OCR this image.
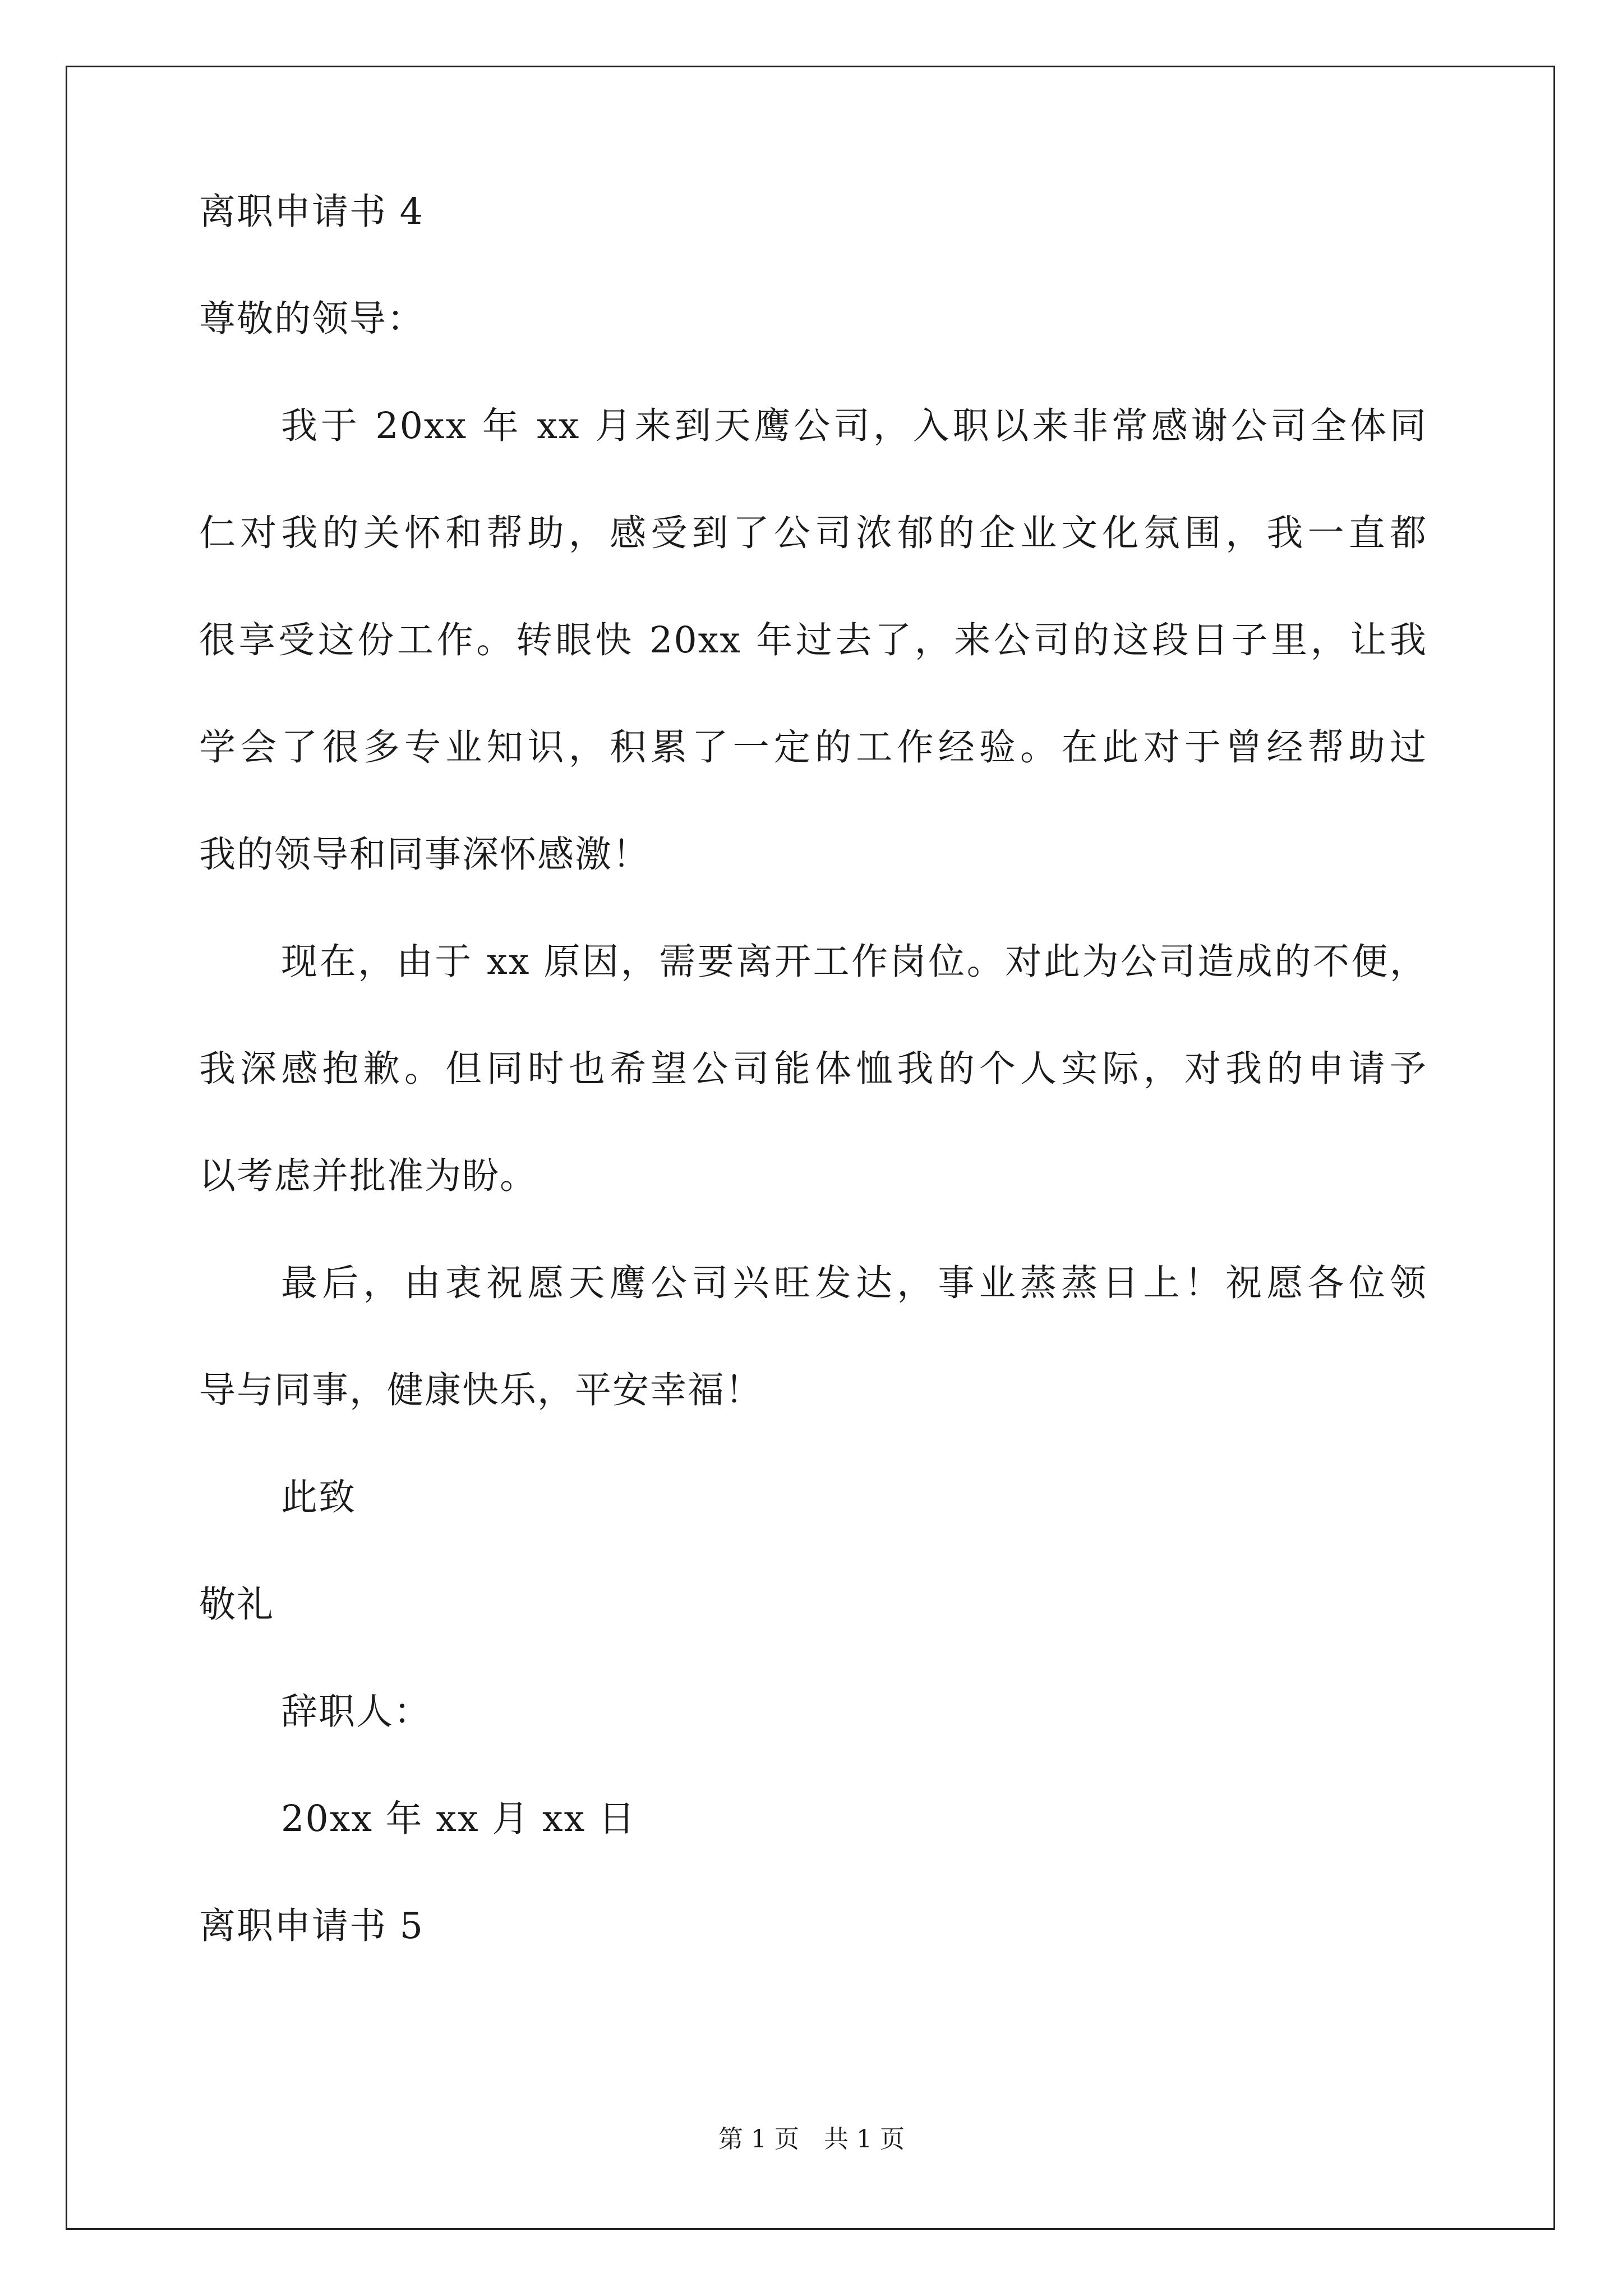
离职申请书 4
尊敬的领导：
我于 20xx 年 xx 月来到天鹰公司，入职以来非常感谢公司全体同
仁对我的关怀和帮助，感受到了公司浓郁的企业文化氛围，我一直都
很享受这份工作。转眼快 20xx 年过去了，来公司的这段日子里，让我
学会了很多专业知识，积累了一定的工作经验。在此对于曾经帮助过
我的领导和同事深怀感激！
现在，由于 xx 原因，需要离开工作岗位。对此为公司造成的不便，
我深感抱歉。但同时也希望公司能体恤我的个人实际，对我的申请予
以考虑并批准为盼。
最后，由衷祝愿天鹰公司兴旺发达，事业蒸蒸日上！祝愿各位领
导与同事，健康快乐，平安幸福！
此致
敬礼
辞职人：
20xx 年 xx 月 xx 日
离职申请书 5
第 1 页　共 1 页
